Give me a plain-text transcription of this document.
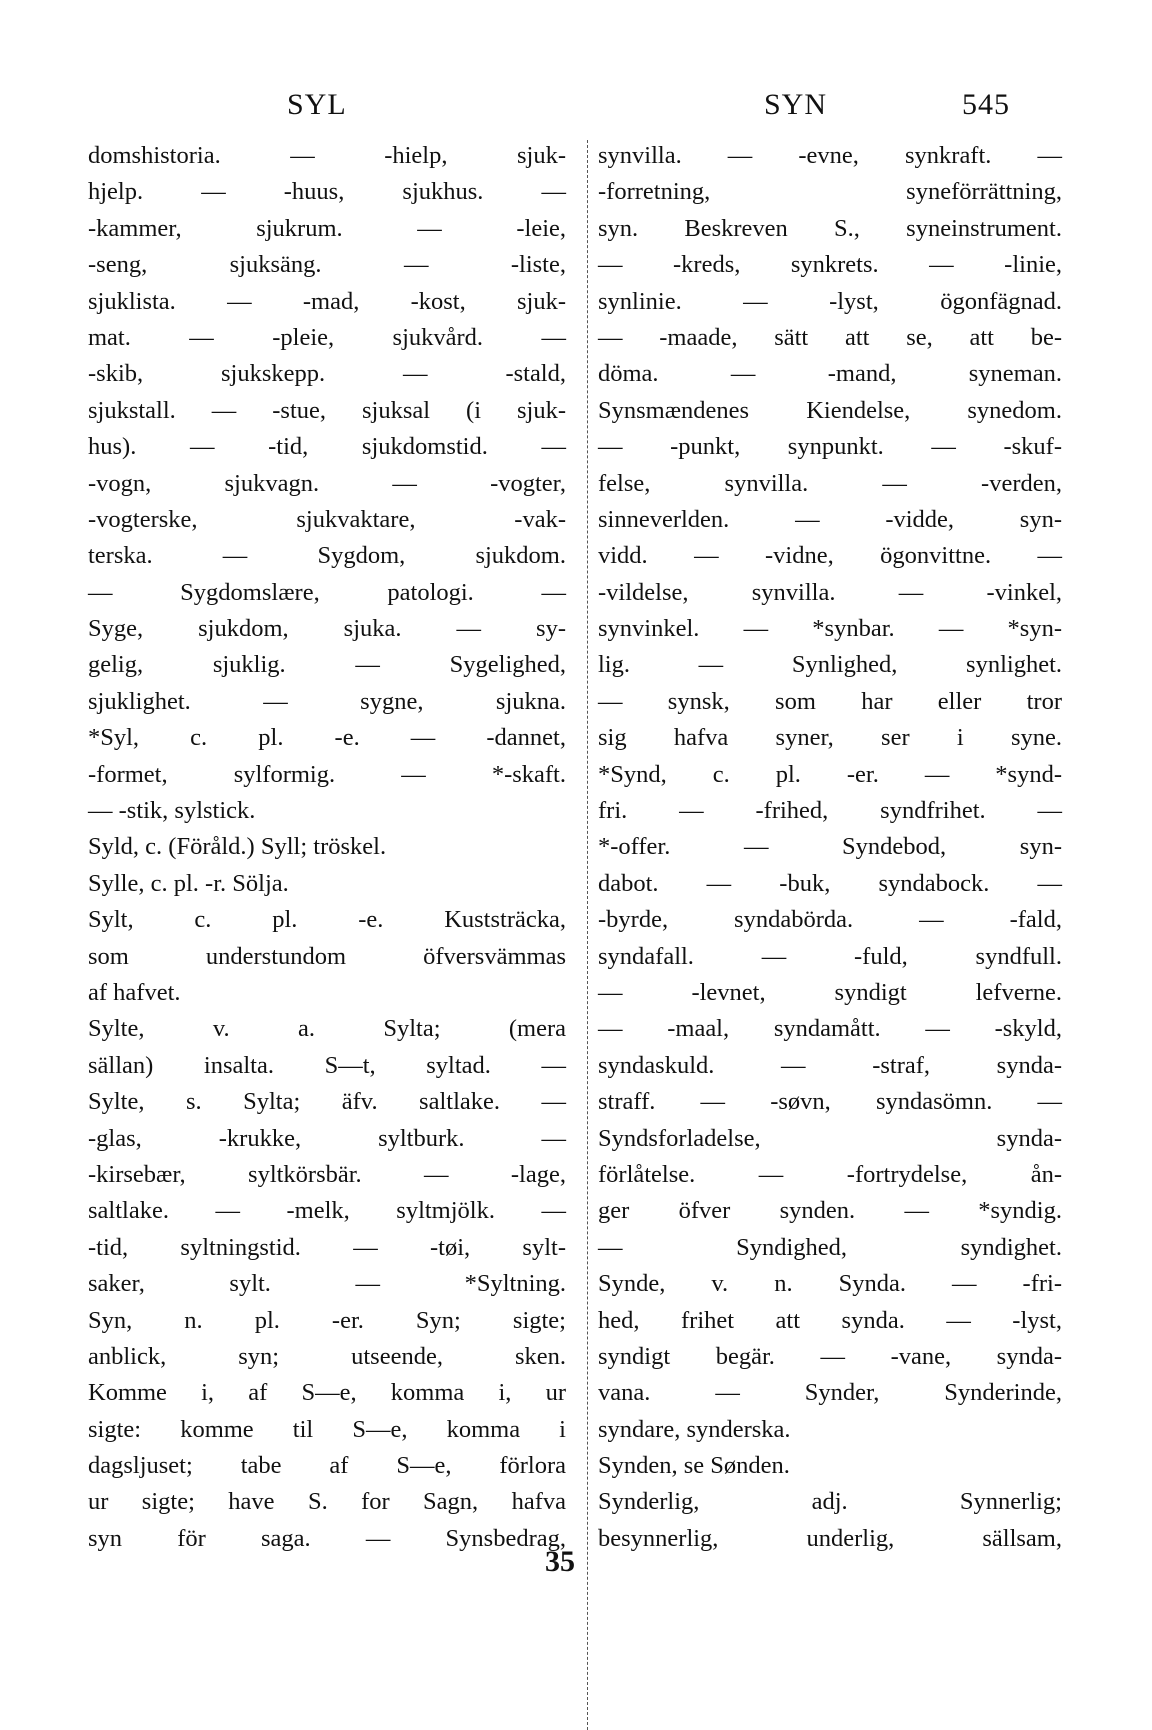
SYL	SYN	545
domshistoria. — -hielp, sjuk-
hjelp. — -huus, sjukhus. —
-kammer, sjukrum. — -leie,
-seng, sjuksäng. — -liste,
sjuklista. — -mad, -kost, sjuk-
mat. — -pleie, sjukvård. —
-skib, sjukskepp. — -stald,
sjukstall. — -stue, sjuksal (i sjuk-
hus). — -tid, sjukdomstid. —
-vogn, sjukvagn. — -vogter,
-vogterske, sjukvaktare, -vak-
terska. — Sygdom, sjukdom.
— Sygdomslære, patologi. —
Syge, sjukdom, sjuka. — sy-
gelig, sjuklig. — Sygelighed,
sjuklighet. — sygne, sjukna.
*Syl, c. pl. -e. — -dannet,
-formet, sylformig. — *-skaft.
— -stik, sylstick.
Syld, c. (Föråld.) Syll; tröskel.
Sylle, c. pl. -r. Sölja.
Sylt, c. pl. -e. Kuststräcka,
som understundom öfversvämmas
af hafvet.
Sylte, v. a. Sylta; (mera
sällan) insalta. S—t, syltad. —
Sylte, s. Sylta; äfv. saltlake. —
-glas, -krukke, syltburk. —
-kirsebær, syltkörsbär. — -lage,
saltlake. — -melk, syltmjölk. —
-tid, syltningstid. — -tøi, sylt-
saker, sylt. — *Syltning.
Syn, n. pl. -er. Syn; sigte;
anblick, syn; utseende, sken.
Komme i, af S—e, komma i, ur
sigte: komme til S—e, komma i
dagsljuset; tabe af S—e, förlora
ur sigte; have S. for Sagn, hafva
syn för saga. — Synsbedrag,
synvilla. — -evne, synkraft. —
-forretning, syneförrättning,
syn. Beskreven S., syneinstrument.
— -kreds, synkrets. — -linie,
synlinie. — -lyst, ögonfägnad.
— -maade, sätt att se, att be-
döma. — -mand, syneman.
Synsmændenes Kiendelse, synedom.
— -punkt, synpunkt. — -skuf-
felse, synvilla. — -verden,
sinneverlden. — -vidde, syn-
vidd. — -vidne, ögonvittne. —
-vildelse, synvilla. — -vinkel,
synvinkel. — *synbar. — *syn-
lig. — Synlighed, synlighet.
— synsk, som har eller tror
sig hafva syner, ser i syne.
*Synd, c. pl. -er. — *synd-
fri. — -frihed, syndfrihet. —
*-offer. — Syndebod, syn-
dabot. — -buk, syndabock. —
-byrde, syndabörda. — -fald,
syndafall. — -fuld, syndfull.
— -levnet, syndigt lefverne.
— -maal, syndamått. — -skyld,
syndaskuld. — -straf, synda-
straff. — -søvn, syndasömn. —
Syndsforladelse, synda-
förlåtelse. — -fortrydelse, ån-
ger öfver synden. — *syndig.
— Syndighed, syndighet.
Synde, v. n. Synda. — -fri-
hed, frihet att synda. — -lyst,
syndigt begär. — -vane, synda-
vana. — Synder, Synderinde,
syndare, synderska.
Synden, se Sønden.
Synderlig, adj. Synnerlig;
besynnerlig, underlig, sällsam,
35
